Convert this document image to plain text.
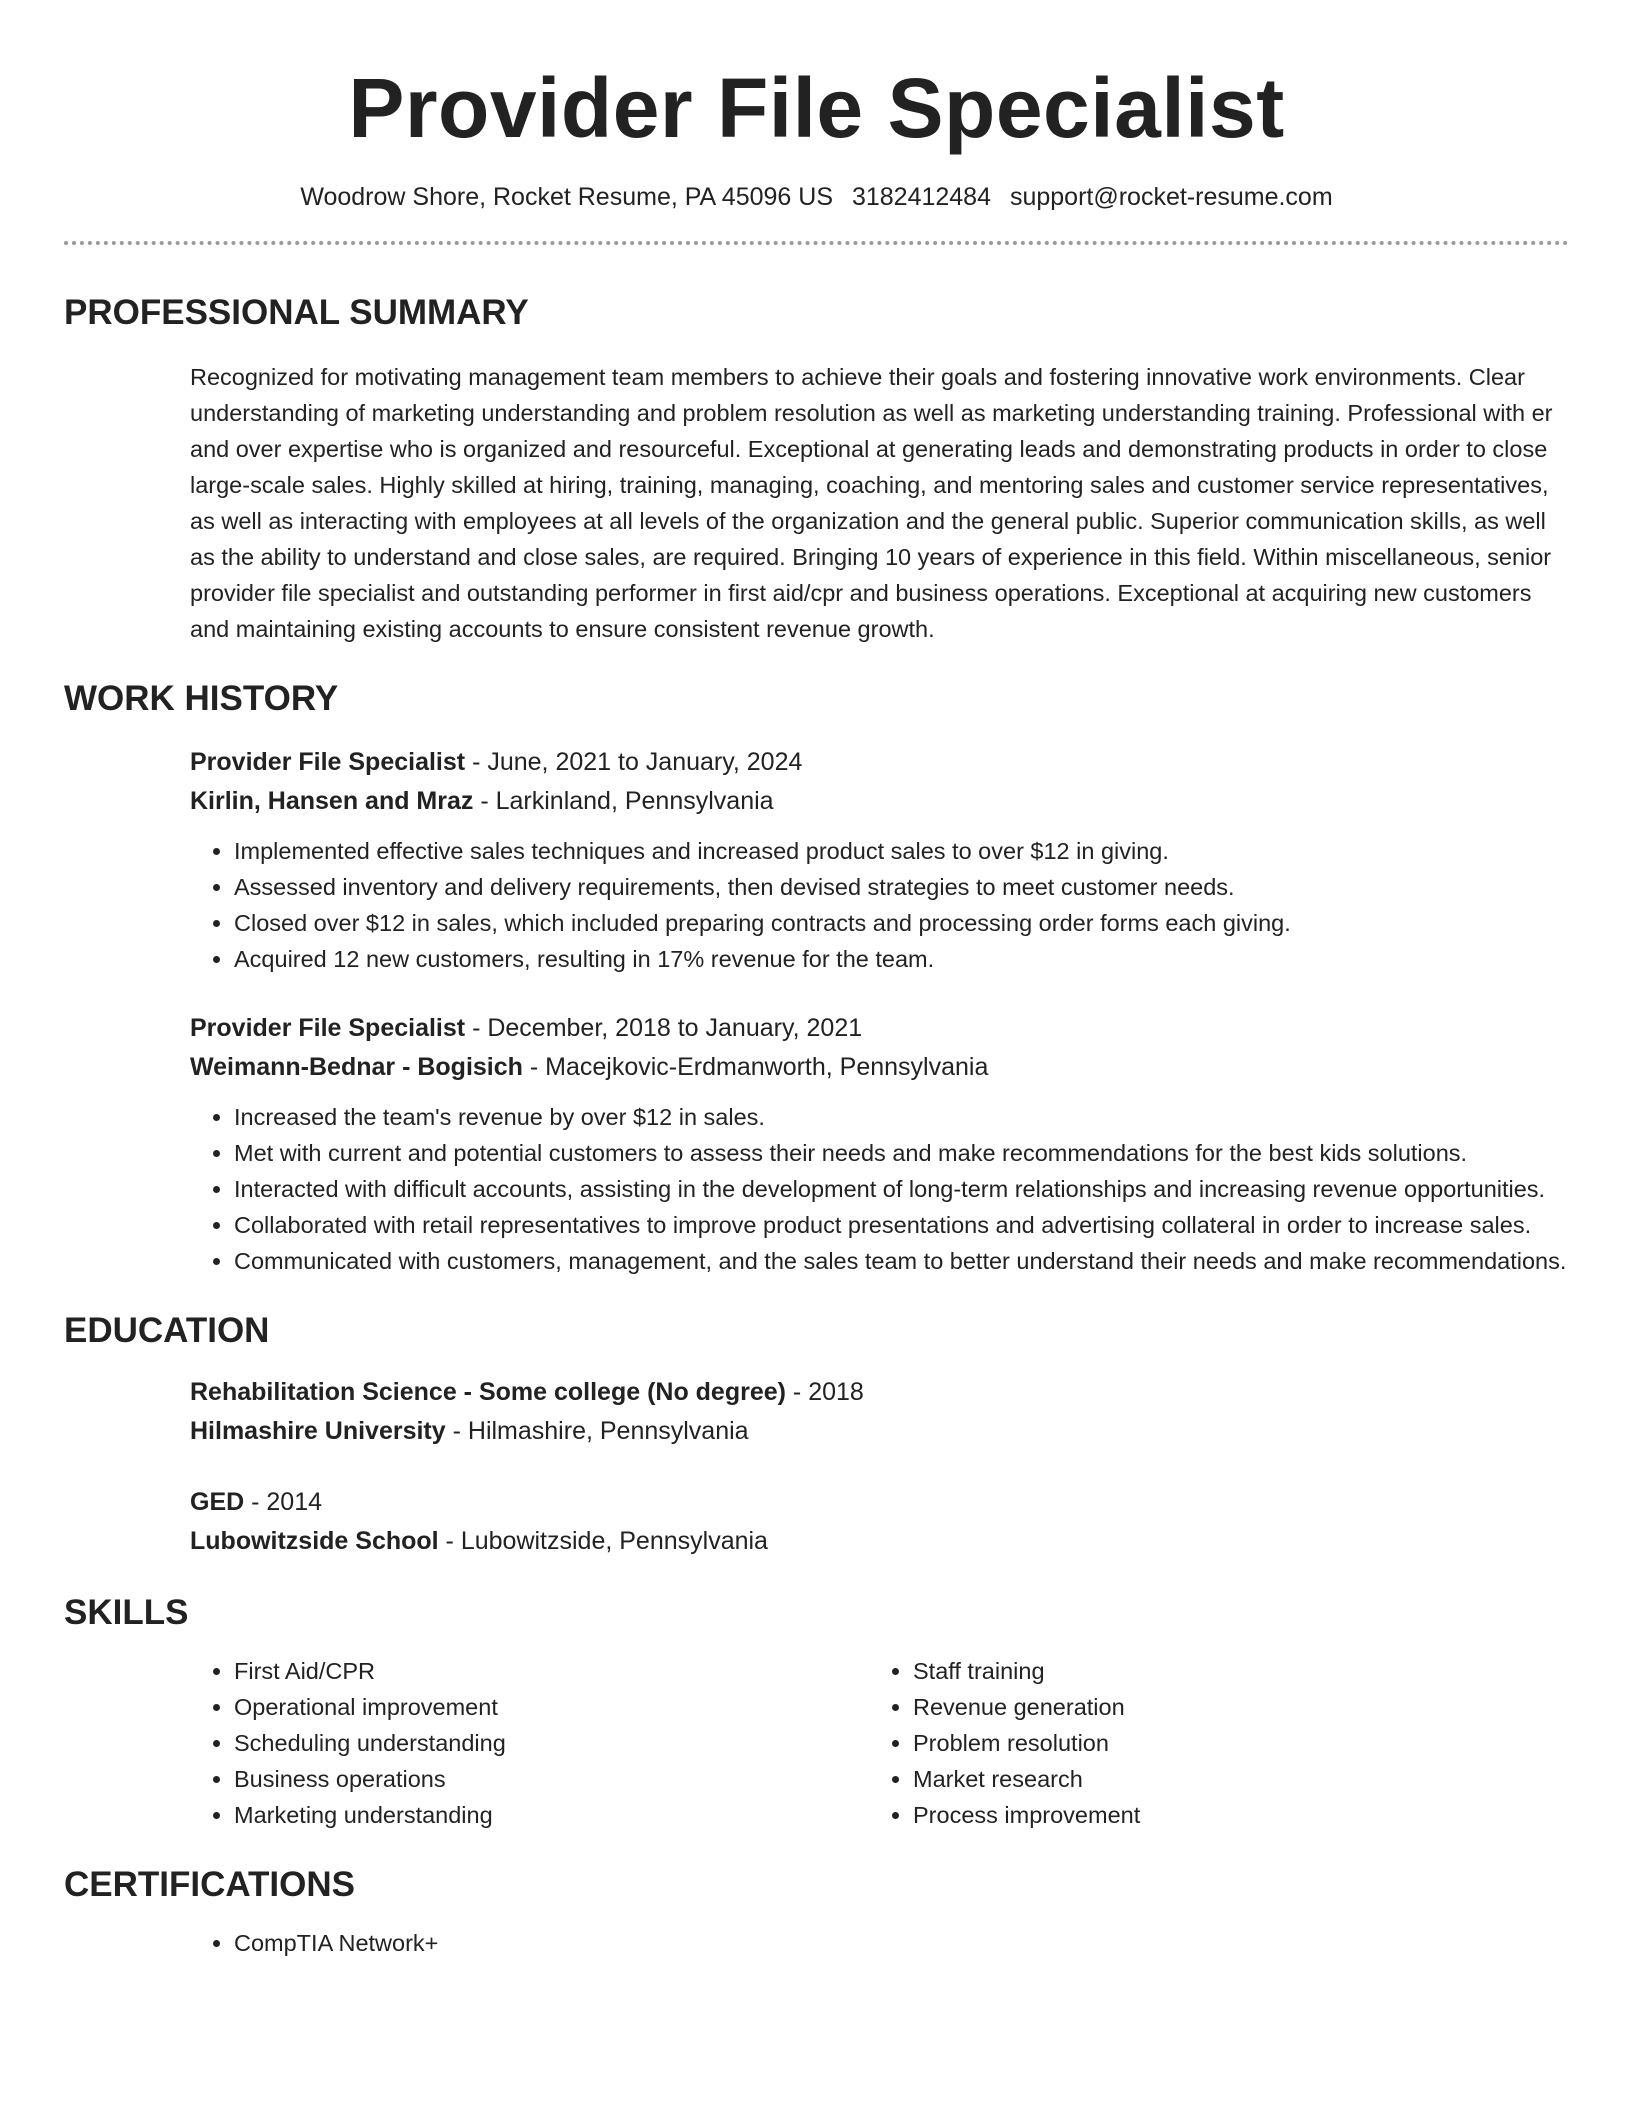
Provider File Specialist
Woodrow Shore, Rocket Resume, PA 45096 US 3182412484 support@rocket-resume.com
PROFESSIONAL SUMMARY
Recognized for motivating management team members to achieve their goals and fostering innovative work environments. Clear understanding of marketing understanding and problem resolution as well as marketing understanding training. Professional with er and over expertise who is organized and resourceful. Exceptional at generating leads and demonstrating products in order to close large-scale sales. Highly skilled at hiring, training, managing, coaching, and mentoring sales and customer service representatives, as well as interacting with employees at all levels of the organization and the general public. Superior communication skills, as well as the ability to understand and close sales, are required. Bringing 10 years of experience in this field. Within miscellaneous, senior provider file specialist and outstanding performer in first aid/cpr and business operations. Exceptional at acquiring new customers and maintaining existing accounts to ensure consistent revenue growth.
WORK HISTORY
Provider File Specialist - June, 2021 to January, 2024
Kirlin, Hansen and Mraz - Larkinland, Pennsylvania
• Implemented effective sales techniques and increased product sales to over $12 in giving.
• Assessed inventory and delivery requirements, then devised strategies to meet customer needs.
• Closed over $12 in sales, which included preparing contracts and processing order forms each giving.
• Acquired 12 new customers, resulting in 17% revenue for the team.
Provider File Specialist - December, 2018 to January, 2021
Weimann-Bednar - Bogisich - Macejkovic-Erdmanworth, Pennsylvania
• Increased the team's revenue by over $12 in sales.
• Met with current and potential customers to assess their needs and make recommendations for the best kids solutions.
• Interacted with difficult accounts, assisting in the development of long-term relationships and increasing revenue opportunities.
• Collaborated with retail representatives to improve product presentations and advertising collateral in order to increase sales.
• Communicated with customers, management, and the sales team to better understand their needs and make recommendations.
EDUCATION
Rehabilitation Science - Some college (No degree) - 2018
Hilmashire University - Hilmashire, Pennsylvania
GED - 2014
Lubowitzside School - Lubowitzside, Pennsylvania
SKILLS
• First Aid/CPR
• Operational improvement
• Scheduling understanding
• Business operations
• Marketing understanding
• Staff training
• Revenue generation
• Problem resolution
• Market research
• Process improvement
CERTIFICATIONS
• CompTIA Network+
